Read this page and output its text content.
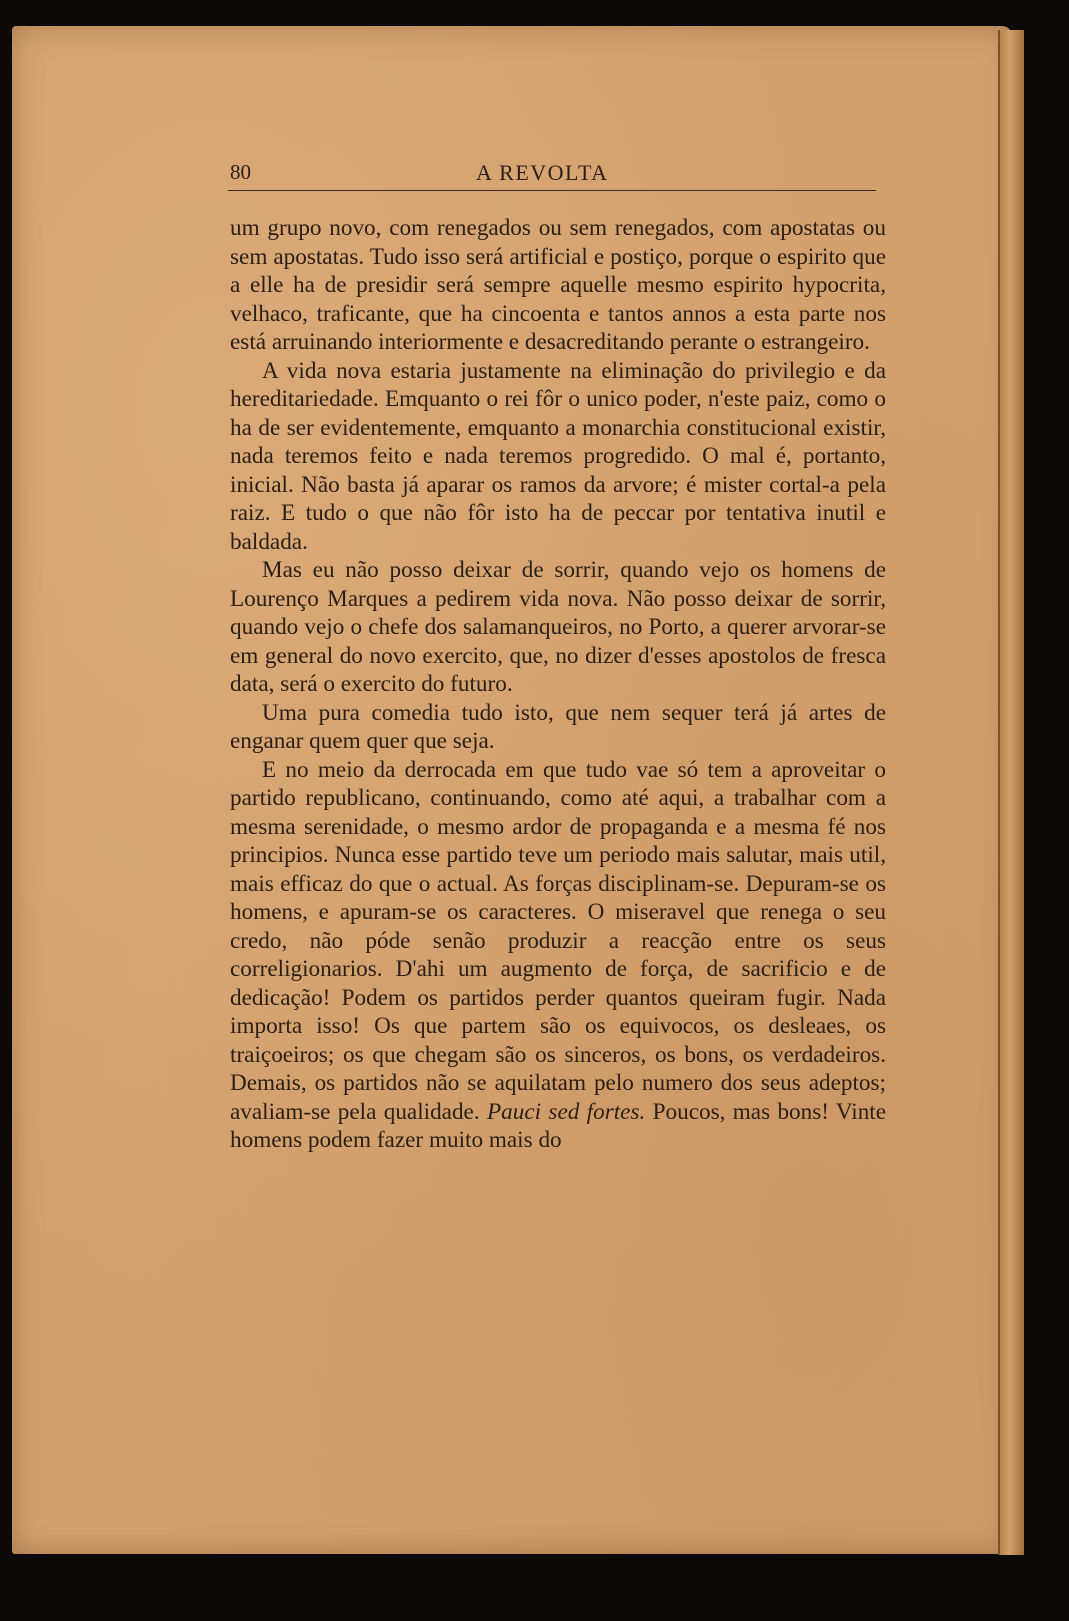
80	A REVOLTA

um grupo novo, com renegados ou sem renegados, com apostatas ou sem apostatas. Tudo isso será artificial e postiço, porque o espirito que a elle ha de presidir será sempre aquelle mesmo espirito hypocrita, velhaco, traficante, que ha cincoenta e tantos annos a esta parte nos está arruinando interiormente e desacreditando perante o estrangeiro.

A vida nova estaria justamente na eliminação do privilegio e da hereditariedade. Emquanto o rei fôr o unico poder, n'este paiz, como o ha de ser evidentemente, emquanto a monarchia constitucional existir, nada teremos feito e nada teremos progredido. O mal é, portanto, inicial. Não basta já aparar os ramos da arvore; é mister cortal-a pela raiz. E tudo o que não fôr isto ha de peccar por tentativa inutil e baldada.

Mas eu não posso deixar de sorrir, quando vejo os homens de Lourenço Marques a pedirem vida nova. Não posso deixar de sorrir, quando vejo o chefe dos salamanqueiros, no Porto, a querer arvorar-se em general do novo exercito, que, no dizer d'esses apostolos de fresca data, será o exercito do futuro.

Uma pura comedia tudo isto, que nem sequer terá já artes de enganar quem quer que seja.

E no meio da derrocada em que tudo vae só tem a aproveitar o partido republicano, continuando, como até aqui, a trabalhar com a mesma serenidade, o mesmo ardor de propaganda e a mesma fé nos principios. Nunca esse partido teve um periodo mais salutar, mais util, mais efficaz do que o actual. As forças disciplinam-se. Depuram-se os homens, e apuram-se os caracteres. O miseravel que renega o seu credo, não póde senão produzir a reacção entre os seus correligionarios. D'ahi um augmento de força, de sacrificio e de dedicação! Podem os partidos perder quantos queiram fugir. Nada importa isso! Os que partem são os equivocos, os desleaes, os traiçoeiros; os que chegam são os sinceros, os bons, os verdadeiros. Demais, os partidos não se aquilatam pelo numero dos seus adeptos; avaliam-se pela qualidade. Pauci sed fortes. Poucos, mas bons! Vinte homens podem fazer muito mais do
